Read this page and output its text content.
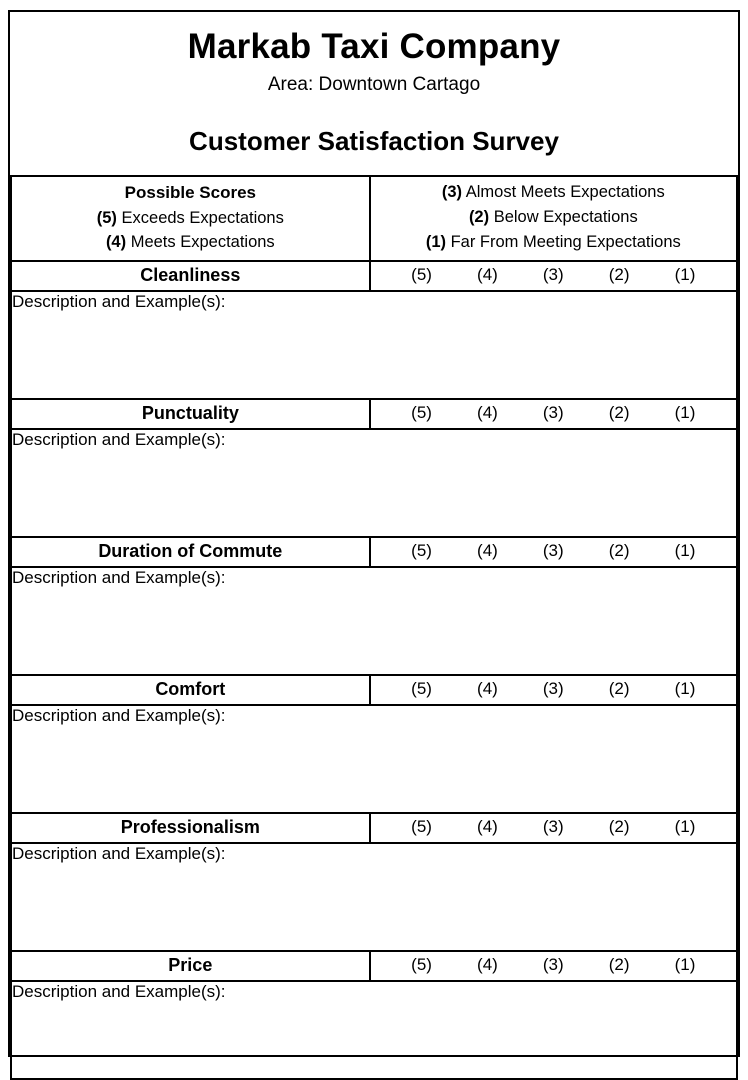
Markab Taxi Company
Area: Downtown Cartago
Customer Satisfaction Survey
Possible Scores
(5) Exceeds Expectations
(4) Meets Expectations

(3) Almost Meets Expectations
(2) Below Expectations
(1) Far From Meeting Expectations

Cleanliness	(5) (4) (3) (2) (1)

Description and Example(s):	

Punctuality	(5) (4) (3) (2) (1)

Description and Example(s):	

Duration of Commute	(5) (4) (3) (2) (1)

Description and Example(s):	

Comfort	(5) (4) (3) (2) (1)

Description and Example(s):	

Professionalism	(5) (4) (3) (2) (1)

Description and Example(s):	

Price	(5) (4) (3) (2) (1)

Description and Example(s):	
